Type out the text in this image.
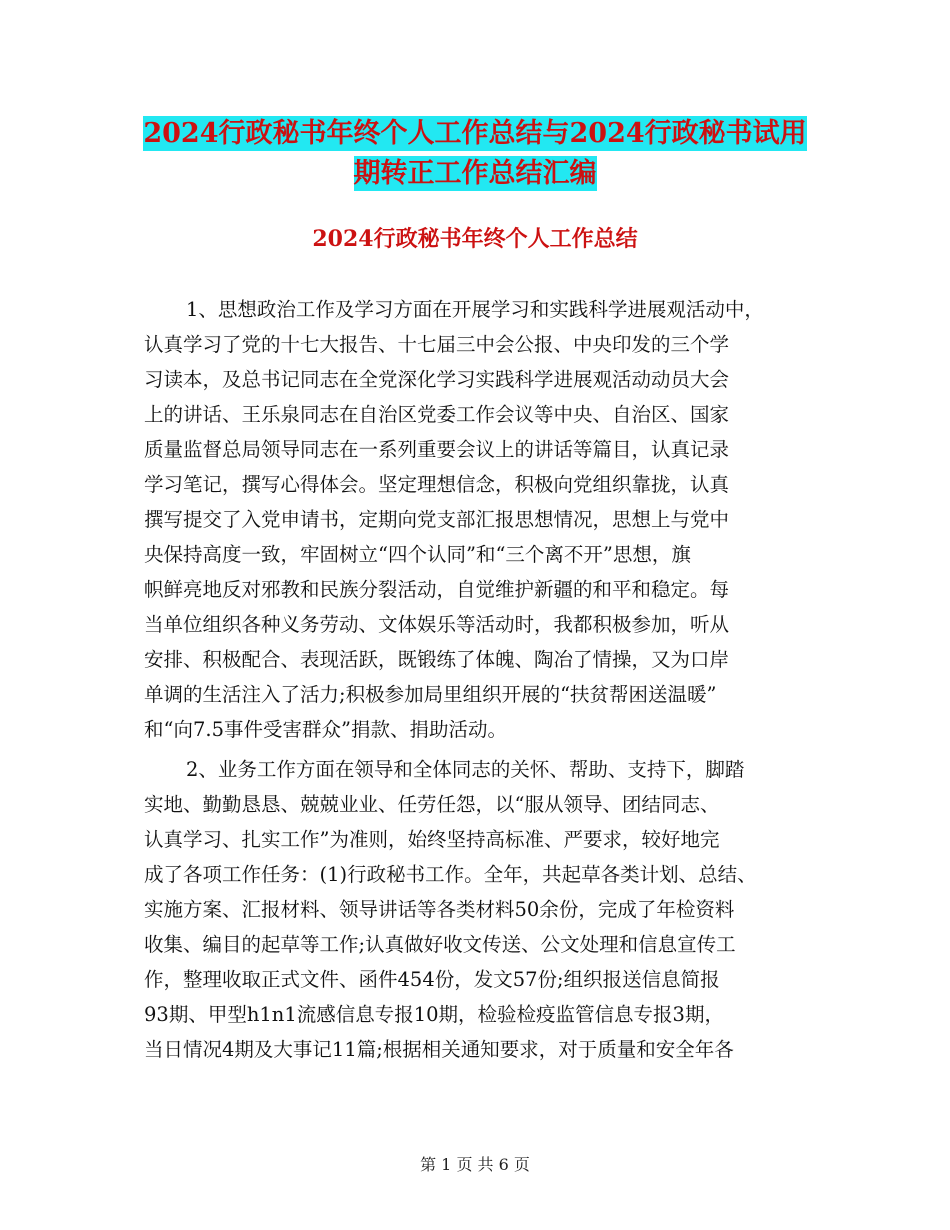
2024行政秘书年终个人工作总结与2024行政秘书试用
期转正工作总结汇编
2024行政秘书年终个人工作总结

1、思想政治工作及学习方面在开展学习和实践科学进展观活动中，

认真学习了党的十七大报告、十七届三中会公报、中央印发的三个学

习读本，及总书记同志在全党深化学习实践科学进展观活动动员大会

上的讲话、王乐泉同志在自治区党委工作会议等中央、自治区、国家

质量监督总局领导同志在一系列重要会议上的讲话等篇目，认真记录

学习笔记，撰写心得体会。坚定理想信念，积极向党组织靠拢，认真

撰写提交了入党申请书，定期向党支部汇报思想情况，思想上与党中

央保持高度一致，牢固树立“四个认同”和“三个离不开”思想，旗

帜鲜亮地反对邪教和民族分裂活动，自觉维护新疆的和平和稳定。每

当单位组织各种义务劳动、文体娱乐等活动时，我都积极参加，听从

安排、积极配合、表现活跃，既锻练了体魄、陶冶了情操，又为口岸

单调的生活注入了活力;积极参加局里组织开展的“扶贫帮困送温暖”

和“向7.5事件受害群众”捐款、捐助活动。

2、业务工作方面在领导和全体同志的关怀、帮助、支持下，脚踏

实地、勤勤恳恳、兢兢业业、任劳任怨，以“服从领导、团结同志、

认真学习、扎实工作”为准则，始终坚持高标准、严要求，较好地完

成了各项工作任务：(1)行政秘书工作。全年，共起草各类计划、总结、

实施方案、汇报材料、领导讲话等各类材料50余份，完成了年检资料

收集、编目的起草等工作;认真做好收文传送、公文处理和信息宣传工

作，整理收取正式文件、函件454份，发文57份;组织报送信息简报

93期、甲型h1n1流感信息专报10期，检验检疫监管信息专报3期，

当日情况4期及大事记11篇;根据相关通知要求，对于质量和安全年各

第 1 页 共 6 页
